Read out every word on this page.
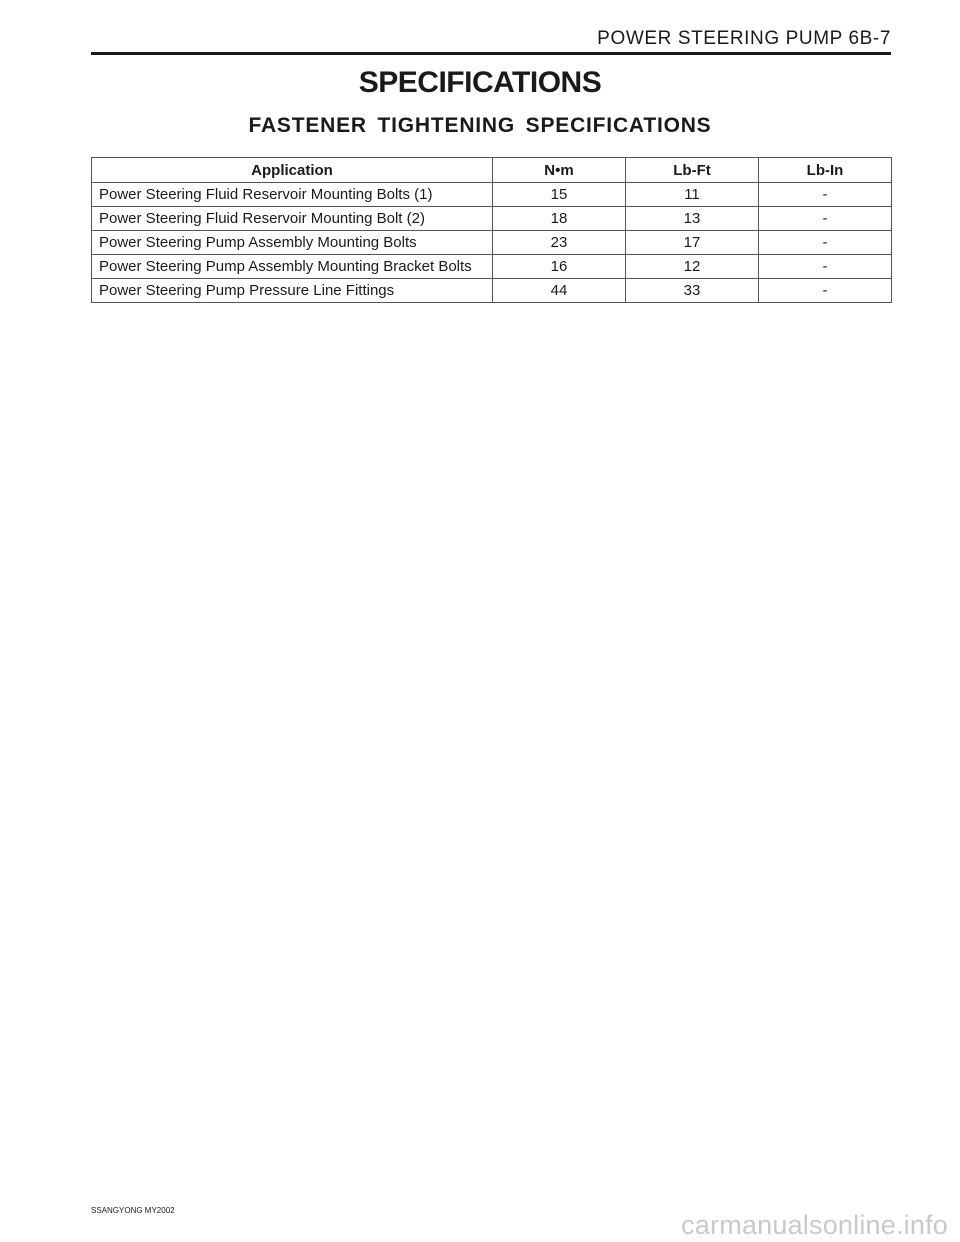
POWER STEERING PUMP 6B-7
SPECIFICATIONS
FASTENER TIGHTENING SPECIFICATIONS
Application	N•m	Lb-Ft	Lb-In
Power Steering Fluid Reservoir Mounting Bolts (1)	15	11	-
Power Steering Fluid Reservoir Mounting Bolt (2)	18	13	-
Power Steering Pump Assembly Mounting Bolts	23	17	-
Power Steering Pump Assembly Mounting Bracket Bolts	16	12	-
Power Steering Pump Pressure Line Fittings	44	33	-
SSANGYONG MY2002	carmanualsonline.info
